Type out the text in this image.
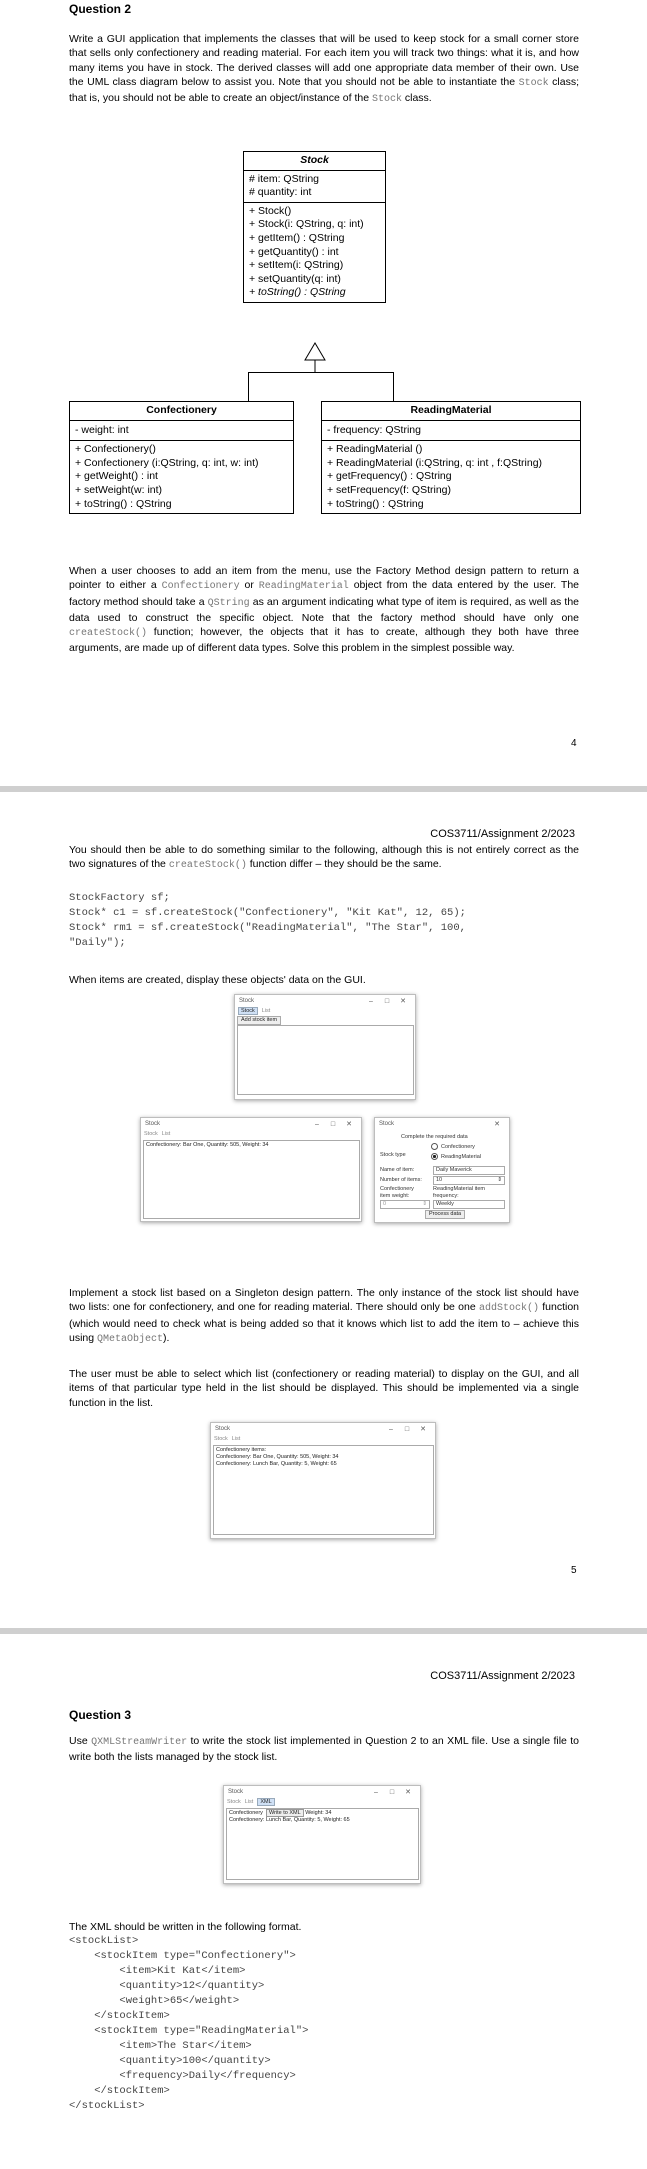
Question 2
Write a GUI application that implements the classes that will be used to keep stock for a small corner store that sells only confectionery and reading material. For each item you will track two things: what it is, and how many items you have in stock. The derived classes will add one appropriate data member of their own. Use the UML class diagram below to assist you. Note that you should not be able to instantiate the Stock class; that is, you should not be able to create an object/instance of the Stock class.
Stock
# item: QString
# quantity: int
+ Stock()
+ Stock(i: QString, q: int)
+ getItem() : QString
+ getQuantity() : int
+ setItem(i: QString)
+ setQuantity(q: int)
+ toString() : QString
Confectionery
- weight: int
+ Confectionery()
+ Confectionery (i:QString, q: int, w: int)
+ getWeight() : int
+ setWeight(w: int)
+ toString() : QString
ReadingMaterial
- frequency: QString
+ ReadingMaterial ()
+ ReadingMaterial (i:QString, q: int , f:QString)
+ getFrequency() : QString
+ setFrequency(f: QString)
+ toString() : QString
When a user chooses to add an item from the menu, use the Factory Method design pattern to return a pointer to either a Confectionery or ReadingMaterial object from the data entered by the user. The factory method should take a QString as an argument indicating what type of item is required, as well as the data used to construct the specific object. Note that the factory method should have only one createStock() function; however, the objects that it has to create, although they both have three arguments, are made up of different data types. Solve this problem in the simplest possible way.
4
COS3711/Assignment 2/2023
You should then be able to do something similar to the following, although this is not entirely correct as the two signatures of the createStock() function differ – they should be the same.
StockFactory sf;
Stock* c1 = sf.createStock("Confectionery", "Kit Kat", 12, 65);
Stock* rm1 = sf.createStock("ReadingMaterial", "The Star", 100,
"Daily");
When items are created, display these objects' data on the GUI.
Stock	–	□	✕
Stock	List
Add stock item
Stock	–	□	✕
Stock List
Confectionery: Bar One, Quantity: 505, Weight: 34
Stock	✕
Complete the required data
Stock type
Confectionery
ReadingMaterial
Name of item:	Daily Maverick
Number of items:	10	⇕
Confectionery item weight:
ReadingMaterial item frequency:
0	⇕	Weekly
Process data
Implement a stock list based on a Singleton design pattern. The only instance of the stock list should have two lists: one for confectionery, and one for reading material. There should only be one addStock() function (which would need to check what is being added so that it knows which list to add the item to – achieve this using QMetaObject).
The user must be able to select which list (confectionery or reading material) to display on the GUI, and all items of that particular type held in the list should be displayed. This should be implemented via a single function in the list.
Stock	–	□	✕
Stock List
Confectionery items:
Confectionery: Bar One, Quantity: 505, Weight: 34
Confectionery: Lunch Bar, Quantity: 5, Weight: 65
5
COS3711/Assignment 2/2023
Question 3
Use QXMLStreamWriter to write the stock list implemented in Question 2 to an XML file. Use a single file to write both the lists managed by the stock list.
Stock	–	□	✕
Stock List	XML
Confectionery Write to XML Weight: 34
Confectionery: Lunch Bar, Quantity: 5, Weight: 65
The XML should be written in the following format.
<stockList>
<stockItem type="Confectionery">
<item>Kit Kat</item>
<quantity>12</quantity>
<weight>65</weight>
</stockItem>
<stockItem type="ReadingMaterial">
<item>The Star</item>
<quantity>100</quantity>
<frequency>Daily</frequency>
</stockItem>
</stockList>
